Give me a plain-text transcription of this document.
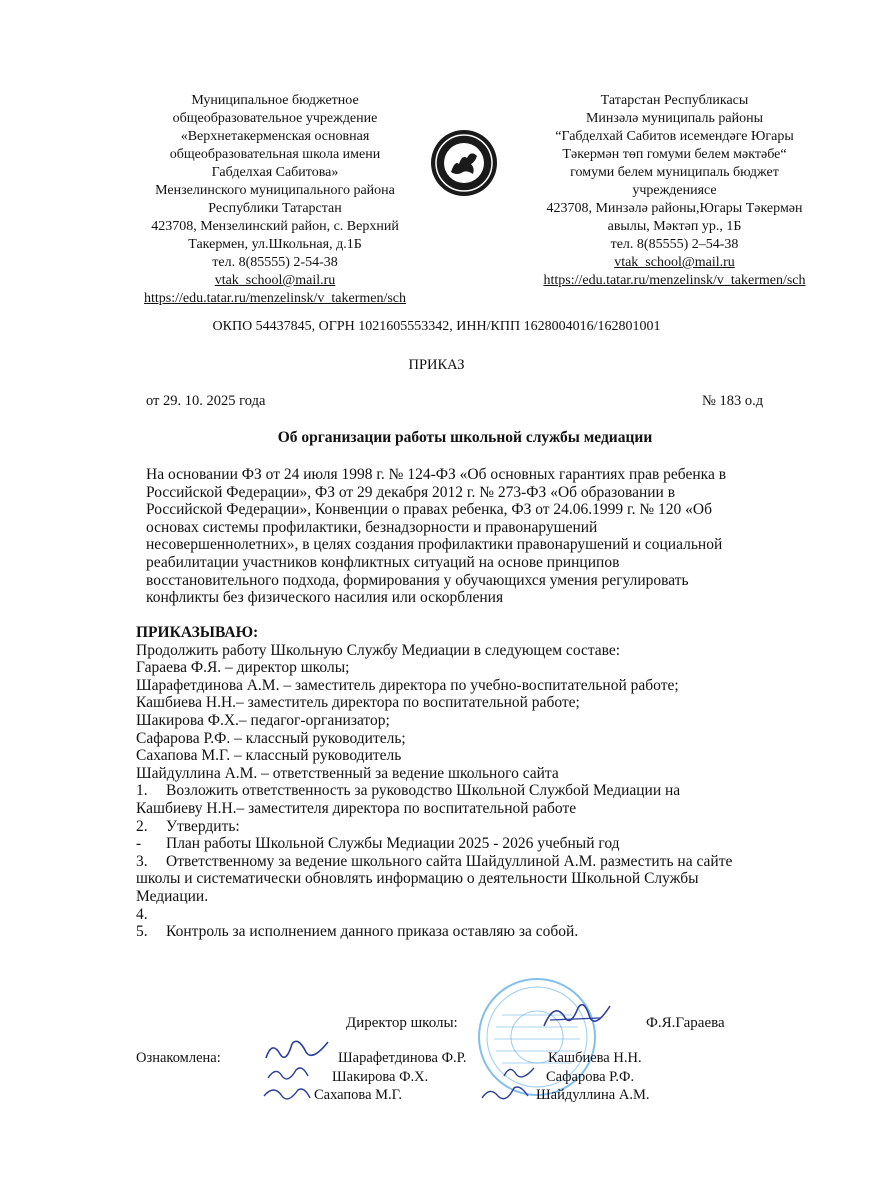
Муниципальное бюджетное
общеобразовательное учреждение
«Верхнетакерменская основная
общеобразовательная школа имени
Габделхая Сабитова»
Мензелинского муниципального района
Республики Татарстан
423708, Мензелинский район, с. Верхний
Такермен, ул.Школьная, д.1Б
тел. 8(85555) 2-54-38
vtak_school@mail.ru
https://edu.tatar.ru/menzelinsk/v_takermen/sch
Татарстан Республикасы
Минзәлә муниципаль районы
“Габделхай Сабитов исемендәге Югары
Тәкермән төп гомуми белем мәктәбе“
гомуми белем муниципаль бюджет
учреждениясе
423708, Минзәлә районы,Югары Тәкермән
авылы, Мәктәп ур., 1Б
тел. 8(85555) 2–54-38
vtak_school@mail.ru
https://edu.tatar.ru/menzelinsk/v_takermen/sch
ОКПО 54437845, ОГРН 1021605553342, ИНН/КПП 1628004016/162801001
ПРИКАЗ
от 29. 10. 2025 года	№ 183 о.д
Об организации работы школьной службы медиации
На основании ФЗ от 24 июля 1998 г. № 124-ФЗ «Об основных гарантиях прав ребенка в
Российской Федерации», ФЗ от 29 декабря 2012 г. № 273-ФЗ «Об образовании в
Российской Федерации», Конвенции о правах ребенка, ФЗ от 24.06.1999 г. № 120 «Об
основах системы профилактики, безнадзорности и правонарушений
несовершеннолетних», в целях создания профилактики правонарушений и социальной
реабилитации участников конфликтных ситуаций на основе принципов
восстановительного подхода, формирования у обучающихся умения регулировать
конфликты без физического насилия или оскорбления
ПРИКАЗЫВАЮ:
Продолжить работу Школьную Службу Медиации в следующем составе:
Гараева Ф.Я. – директор школы;
Шарафетдинова А.М. – заместитель директора по учебно-воспитательной работе;
Кашбиева Н.Н.– заместитель директора по воспитательной работе;
Шакирова Ф.Х.– педагог-организатор;
Сафарова Р.Ф. – классный руководитель;
Сахапова М.Г. – классный руководитель
Шайдуллина А.М. – ответственный за ведение школьного сайта
1. Возложить ответственность за руководство Школьной Службой Медиации на
Кашбиеву Н.Н.– заместителя директора по воспитательной работе
2. Утвердить:
- План работы Школьной Службы Медиации 2025 - 2026 учебный год
3. Ответственному за ведение школьного сайта Шайдуллиной А.М. разместить на сайте
школы и систематически обновлять информацию о деятельности Школьной Службы
Медиации.
4.
5. Контроль за исполнением данного приказа оставляю за собой.
Директор школы:	Ф.Я.Гараева
Ознакомлена:	Шарафетдинова Ф.Р.	Кашбиева Н.Н.
Шакирова Ф.Х.	Сафарова Р.Ф.
Сахапова М.Г.	Шайдуллина А.М.
